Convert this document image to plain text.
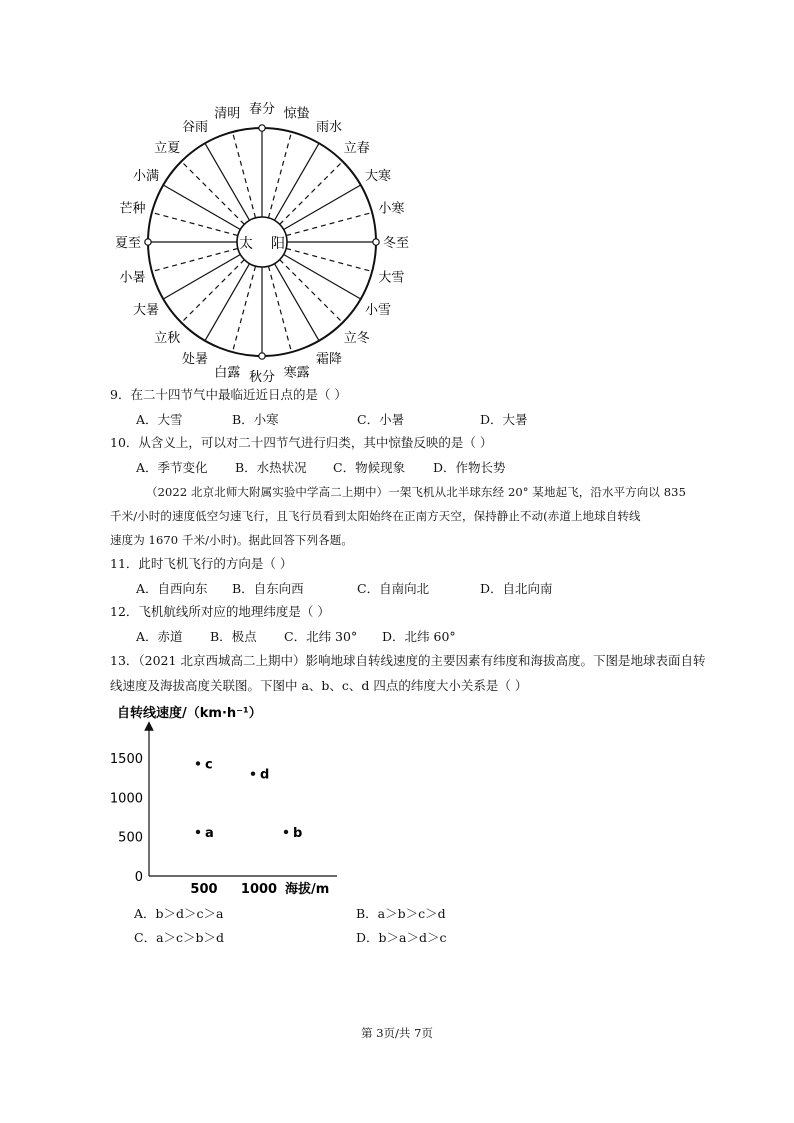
太 阳
春分 惊蛰
雨水
立春
大寒
小寒
冬至
大雪
小雪
立冬
霜降
寒露
秋分
白露
处暑
立秋
大暑
小暑
夏至
芒种
小满
立夏
谷雨
清明
9．在二十四节气中最临近近日点的是（ ）
A．大雪	B．小寒	C．小暑	D．大暑
10．从含义上，可以对二十四节气进行归类，其中惊蛰反映的是（ ）
A．季节变化 B．水热状况 C．物候现象 D．作物长势
（2022 北京北师大附属实验中学高二上期中）一架飞机从北半球东经 20° 某地起飞，沿水平方向以 835
千米/小时的速度低空匀速飞行，且飞行员看到太阳始终在正南方天空，保持静止不动(赤道上地球自转线
速度为 1670 千米/小时)。据此回答下列各题。
11．此时飞机飞行的方向是（ ）
A．自西向东 B．自东向西	C．自南向北	D．自北向南
12．飞机航线所对应的地理纬度是（ ）
A．赤道 B．极点 C．北纬 30° D．北纬 60°
13．（2021 北京西城高二上期中）影响地球自转线速度的主要因素有纬度和海拔高度。下图是地球表面自转
线速度及海拔高度关联图。下图中 a、b、c、d 四点的纬度大小关系是（ ）
自转线速度/（km·h⁻¹）
海拔/m
0
500
1000
1500
500 1000
c
d
a	b
A．b＞d＞c＞a	B．a＞b＞c＞d
C．a＞c＞b＞d	D．b＞a＞d＞c
第 3页/共 7页
